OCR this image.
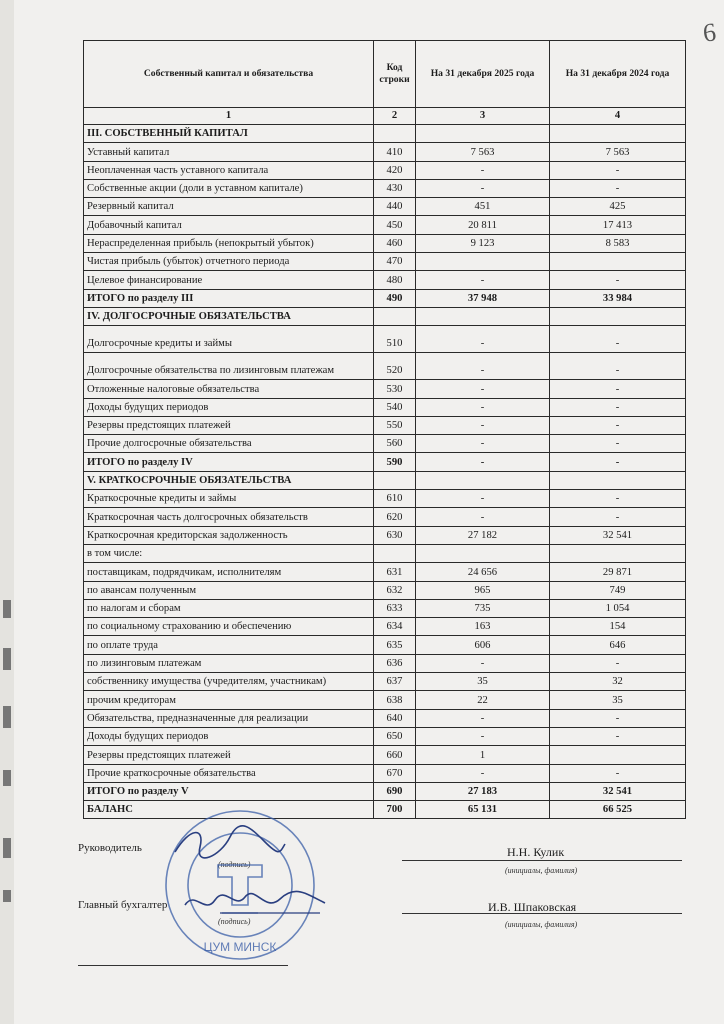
6
Собственный капитал и обязательства	Код строки	На 31 декабря 2025 года	На 31 декабря 2024 года
1	2	3	4
III. СОБСТВЕННЫЙ КАПИТАЛ			
Уставный капитал	410	7 563	7 563
Неоплаченная часть уставного капитала	420	-	-
Собственные акции (доли в уставном капитале)	430	-	-
Резервный капитал	440	451	425
Добавочный капитал	450	20 811	17 413
Нераспределенная прибыль (непокрытый убыток)	460	9 123	8 583
Чистая прибыль (убыток) отчетного периода	470		
Целевое финансирование	480	-	-
ИТОГО по разделу III	490	37 948	33 984
IV. ДОЛГОСРОЧНЫЕ ОБЯЗАТЕЛЬСТВА			
Долгосрочные кредиты и займы	510	-	-
Долгосрочные обязательства по лизинговым платежам	520	-	-
Отложенные налоговые обязательства	530	-	-
Доходы будущих периодов	540	-	-
Резервы предстоящих платежей	550	-	-
Прочие долгосрочные обязательства	560	-	-
ИТОГО по разделу IV	590	-	-
V. КРАТКОСРОЧНЫЕ ОБЯЗАТЕЛЬСТВА			
Краткосрочные кредиты и займы	610	-	-
Краткосрочная часть долгосрочных обязательств	620	-	-
Краткосрочная кредиторская задолженность	630	27 182	32 541
в том числе:			
поставщикам, подрядчикам, исполнителям	631	24 656	29 871
по авансам полученным	632	965	749
по налогам и сборам	633	735	1 054
по социальному страхованию и обеспечению	634	163	154
по оплате труда	635	606	646
по лизинговым платежам	636	-	-
собственнику имущества (учредителям, участникам)	637	35	32
прочим кредиторам	638	22	35
Обязательства, предназначенные для реализации	640	-	-
Доходы будущих периодов	650	-	-
Резервы предстоящих платежей	660	1	
Прочие краткосрочные обязательства	670	-	-
ИТОГО по разделу V	690	27 183	32 541
БАЛАНС	700	65 131	66 525
Руководитель
(подпись)
Н.Н. Кулик
(инициалы, фамилия)
Главный бухгалтер
(подпись)
И.В. Шпаковская
(инициалы, фамилия)
ЦУМ МИНСК
